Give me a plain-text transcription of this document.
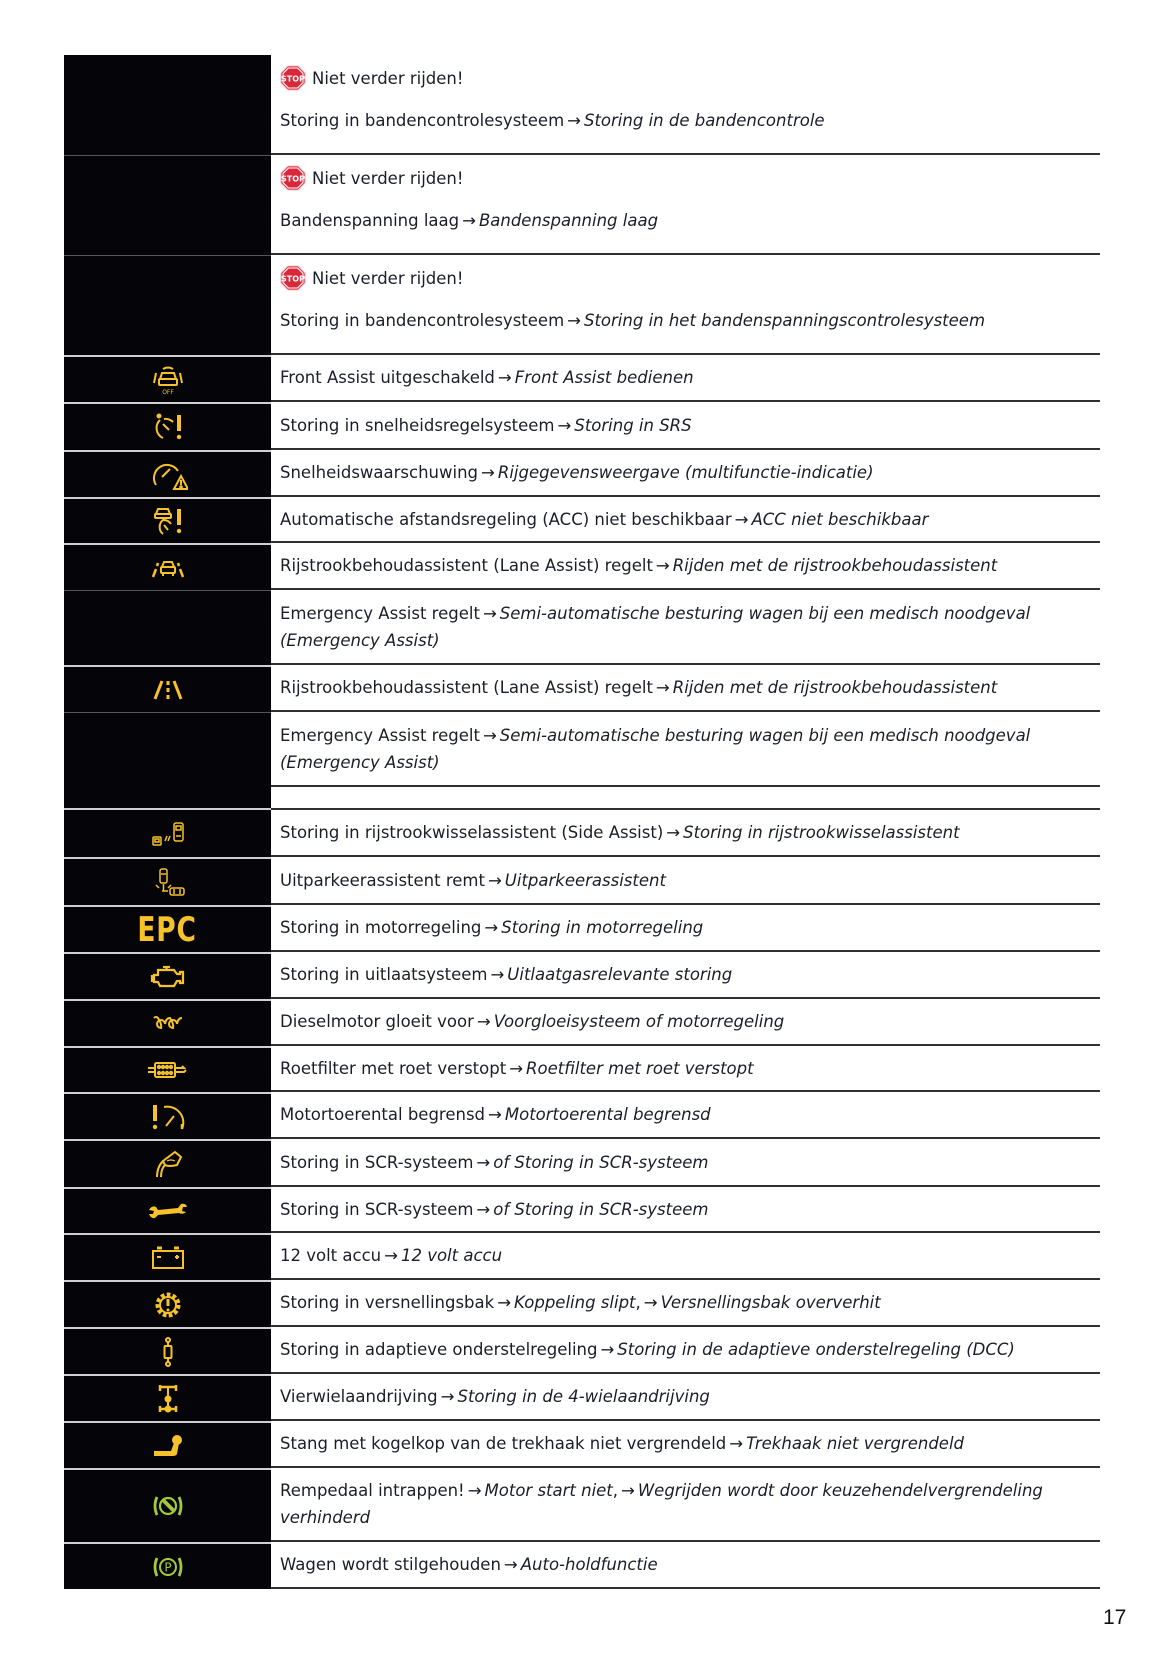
STOP Niet verder rijden!
Storing in bandencontrolesysteem → Storing in de bandencontrole
STOP Niet verder rijden!
Bandenspanning laag → Bandenspanning laag
STOP Niet verder rijden!
Storing in bandencontrolesysteem → Storing in het bandenspanningscontrolesysteem
OFF
Front Assist uitgeschakeld → Front Assist bedienen
Storing in snelheidsregelsysteem → Storing in SRS
Snelheidswaarschuwing → Rijgegevensweergave (multifunctie-indicatie)
Automatische afstandsregeling (ACC) niet beschikbaar → ACC niet beschikbaar
Rijstrookbehoudassistent (Lane Assist) regelt → Rijden met de rijstrookbehoudassistent
Emergency Assist regelt → Semi-automatische besturing wagen bij een medisch noodgeval (Emergency Assist)
Rijstrookbehoudassistent (Lane Assist) regelt → Rijden met de rijstrookbehoudassistent
Emergency Assist regelt → Semi-automatische besturing wagen bij een medisch noodgeval (Emergency Assist)
Storing in rijstrookwisselassistent (Side Assist) → Storing in rijstrookwisselassistent
Uitparkeerassistent remt → Uitparkeerassistent
EPC	Storing in motorregeling → Storing in motorregeling
Storing in uitlaatsysteem → Uitlaatgasrelevante storing
Dieselmotor gloeit voor → Voorgloeisysteem of motorregeling
Roetfilter met roet verstopt → Roetfilter met roet verstopt
Motortoerental begrensd → Motortoerental begrensd
Storing in SCR-systeem → of Storing in SCR-systeem
Storing in SCR-systeem → of Storing in SCR-systeem
12 volt accu → 12 volt accu
Storing in versnellingsbak → Koppeling slipt, → Versnellingsbak oververhit
Storing in adaptieve onderstelregeling → Storing in de adaptieve onderstelregeling (DCC)
Vierwielaandrijving → Storing in de 4-wielaandrijving
Stang met kogelkop van de trekhaak niet vergrendeld → Trekhaak niet vergrendeld
Rempedaal intrappen! → Motor start niet, → Wegrijden wordt door keuzehendelvergrendeling verhinderd
P	Wagen wordt stilgehouden → Auto-holdfunctie
17
